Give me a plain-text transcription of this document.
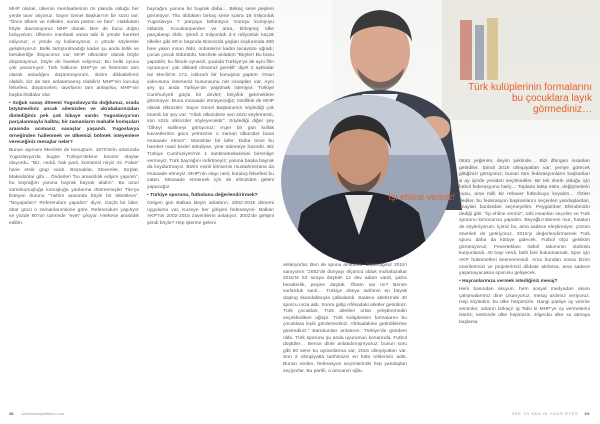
MHP olarak, ülkenin menfaatlerinin ön planda olduğu her yerde tavır alıyoruz. Sayın Genel Başkan’ım bir sözü var: “Önce ülkem ve milletim, sonra partim ve ben”. Hakikaten böyle davranıyoruz MHP olarak. Ben de bunu doğru buluyorum. Ülkenin menfaati varsa tabi ki yönde hareket ediyoruz; o yönde oy kullanıyoruz, o yönde söylemler geliştiriyoruz. Belki tartıştırılmadığı kadar şu anda birlik ve beraberliğe ihtiyacımız var; MHP ülkücüler olarak böyle düşünüyoruz, böyle de hareket ediyoruz. Bu belki oyuca çok yansımıyor; Türk halkının MHP’ye ve listemize tam olarak anladığını düşünmüyorum. Bizim dikkatlelimiz olabilir, biz de tam anlatamamış olabiliriz MHP’nin kuruluş felsefesi, düşünceleri, tavırlarını tam anlaşılsa, MHP’nin başka ihtidalar olur.

• Soğuk savaş dönemi Yugoslavya’da doğdunuz, orada büyümediniz ancak ailenizden ve akrabalarınızdan dinlediğiniz pek çok hikaye vardır. Yugoslavya’nın parçalanmayla halkta; bir zamanların mahalle komşuları arasında acımasız savaşlar yaşandı. Yugoslavya örneğinden hallenmek ve ülkemizi bölmek isteyenlere vereceğiniz mesajlar neler?

Bunun aşırısını Mecliste de konuştum. 1970’lerin ortasında Yugoslavya’da bugün Türkiye’dekine benzer olaylar oluyordu. “Biz, ceddi, hak parti, komünist miyiz mi. Falan” hane etnik grup vardı. Boşnaklar, Slovenler, Sırplar, Makedonlar gibi… Önderleri “bu arasıldılık ediyim yapılım”, bu bayrağım yanına bayrak bayrak alalım”. Bu uzun sürünkonuşluğa konuşluğa yanlarına dönmemişler Tito’ya listeyon durunu “’nehim arasında böyle bir tebeklevs”. “Neyapalım? Referendum yapalım” diyor. Güçlü bir lider; öbür gücü o zamanlarımıkine göre. Referendum yapılıyor ve yüzde 90’nın üzerinde “evet” çıkıyor. Herkese arasıldık edilim,

bayrağını yanına bir bayrak daha… Birkaç sene peşlem görünüyor. Tito öldükten birkaç sene sonra 18 milyonluk Yugoslavya 7 parçaya bölünüyor. Komşu komşuyu öldürdü. Kocakarşıerden ve ama, birleşmiş ülke parçalanıp öldü. Şimdi 2 milyonluk 3-4 milyonluk küçük ülkeler gibi 90’ın başında Bosna’da yaşlan soykırımda 400 bine yakın insan öldü, onbinlerce kadın tecavüze uğradı; çocuk çocuk öldürüldü. Mecliste anlattım “Beyler! Bu bunu yapabilir, bu filmde oynardı; şuanda Türkiye’ye de aynı film oynanıyor; çok dikkatli olmamız gerekli” diye! 2 aylıkalar ise Meclis’te 173. istikrarlı bir konuşma yaptım. Onun videosunu istemeniz bununsunu net cevapları var. Aynı şey şu anda Türkiye’de yaşıtmak isteniyor. Türkiye Cumhuriyeti güçlü bir devlet; binyıllık geleneklere görünüyor. Buna müsaade etmeyeceğiz; özellikle de MHP olarak ülkücüler. Sayın Genel Başkanımın söylediği çok önemli bir şey var: “Allah ülkücülere sen sözü söylemesin, son sözü ülkücüler söyleyecektir”. Söylediği diğer şey “Ülkeyi sidilmeyi görüyoruz; e’ger bir gün kollak kuvvetlerinin gücü yetmezse o zaman ülkücüler buna müsaade etmez”. Mantıklar bir lafer. Daha önce bu hareket nasıl bedel ödediyse, yine ödemeye hazırdır. Biz Türkiye Cumhuriyeti’nin 1 santimetrekaresini birrenliye vermeyiz. Türk bayrağını indirtmeyiz; yanına başka bayrak da koydurtmayız. Bizim esinli kimsenin mustahmerana da müsaade etmeyiz. MHP’nin olayı nesi; kuruluş felsefesi bu zaten. Müsaade etmemek için de elimizden geleni yapacağız.

• Türkiye sporunu, futbolunu değerlendirirmek?

Gelgen gün Balkan Beyin anlattırın. 2002-2015 dönemi uygulumu var, Kuzeye her girişimi federasyon- Balkan AKP’nin 2002-2015 zaventlerin anlatıyor. 2002’de gelişini şimdi böyle? Hep işlerine geleni

anlatıyorlar. Ben de spunu anlatırım. Ölçündiğiniz 2015’i sanıyorım “2002’de dünyayı ölçüncü olduk muhafazakar 2015’te 53 sıraya düştük! 12 dev adam vardı, şahsı beraberlik, peşine düştük. Öbem var mı? Benim surlarduk santi… Türkiye dünya tarihinin en büyük doping skandallarıyla çalkalandı. Sadece atletizmde 40 sporcu ceza aldı. Sonra gidip Afrikadaki atletler getirdiniz. Türk çocukları, Türk atletleri orları yetiştiremedin seçeldediken ağlıştı. Türk kulüplerinin formalarını bu çocuklara leyik gördemediniz. Afrikadakine getirdiklerine güvendiniz.” Bambunları anlatırım. Türkiye’de gündem oldu. Türk sporunu şu anda uyurumun kenarında. Futbol düştüler… Bence dinle anlatıdımışmyoruz; bunun soru gibi 50 sene bu ayrantlarına var; 2016 olimpiyatları var. Son 2 olimpiyatta tarihimizin en kötü reklerinin adık. Bunun neden, federasyon seçimlerinde hep yandaşları seçiyorlar. Bu partili, o amcanın oğlu,

ötürü yeğenim, deyim şeklinde… Bizi dhingen insanları getirdiler. Şimdi 2016 olimpiyatları var; yeniye görecek gittiğinizi görüyoruz; bunun tüm federasyonların başkanları & ay içinde yeniden seçilmediler. Bir tek sherk olduğu için futbol federasyonu hariç… Toplantı talep ettim, değişmelerin bunu, ama milli bir rehaver futbolcuyu koyalım… Özlen dediler, bu federasyon başkanlarını seçenleri yandaşlardan, onaylan bunlardan seçmeyelim. Peygamber Efendimizin dediği gibi: “İşi ehline veriniz”, tahi insanları seçelim ve Türk sporunu kimonunsu yapalım. Beyoğlu’ndeneni mur, hataları de söyleriyorum. İçimiz bu, ama sadece eleştirmiyor, çözüm önerileri de getiriyoruz. 2016’yı değerlendirmemek Türk sporu daha da kötüye gidecek. Futbol ölçü gelsikim görünüyoruz; Feverteklası futbol takımının otobüsü kurşunlandı, 40 bayı verdi, fatih bire bulunmamak. Spor için AKP hükümetleri besmemesidi. Ama bundan sonra bizim önerilerimizi ve projelerimizi dikkate alırlarsa, ama sadece yaşamayacaksa sporunu gelişecek.

• Hayranlarınıza vermek istediğiniz mesaj?

Hem basından okuyun, hem sosyal medyadan okuru çalışmalarımız dine çıkarıyoruz, mesaj ardımız veriyoruz. Hep söyledim; bu ülke herpimizin. Hangi partiye oy verirse versinler, onların birkaçı! ig Tabii ki MHP’ye oy vermelerini isteriz; netticede ülke hepimizin. Elgecbu ülke su atmaya başlarsa

İşi ehline veriniz!
Türk kulüplerinin formalarını bu çocuklara layık görmediniz…
38 www.futbolpolitikon.com	SEE TO SEA IN YOUR EYES 39
